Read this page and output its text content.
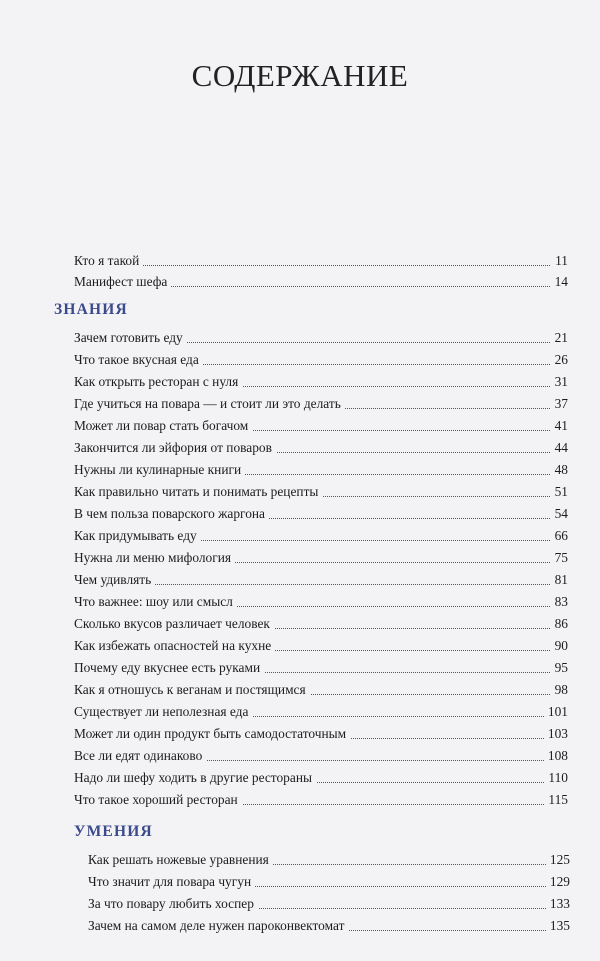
СОДЕРЖАНИЕ
Кто я такой	11
Манифест шефа	14
ЗНАНИЯ
Зачем готовить еду	21
Что такое вкусная еда	26
Как открыть ресторан с нуля	31
Где учиться на повара — и стоит ли это делать	37
Может ли повар стать богачом	41
Закончится ли эйфория от поваров	44
Нужны ли кулинарные книги	48
Как правильно читать и понимать рецепты	51
В чем польза поварского жаргона	54
Как придумывать еду	66
Нужна ли меню мифология	75
Чем удивлять	81
Что важнее: шоу или смысл	83
Сколько вкусов различает человек	86
Как избежать опасностей на кухне	90
Почему еду вкуснее есть руками	95
Как я отношусь к веганам и постящимся	98
Существует ли неполезная еда	101
Может ли один продукт быть самодостаточным	103
Все ли едят одинаково	108
Надо ли шефу ходить в другие рестораны	110
Что такое хороший ресторан	115
УМЕНИЯ
Как решать ножевые уравнения	125
Что значит для повара чугун	129
За что повару любить хоспер	133
Зачем на самом деле нужен пароконвектомат	135
